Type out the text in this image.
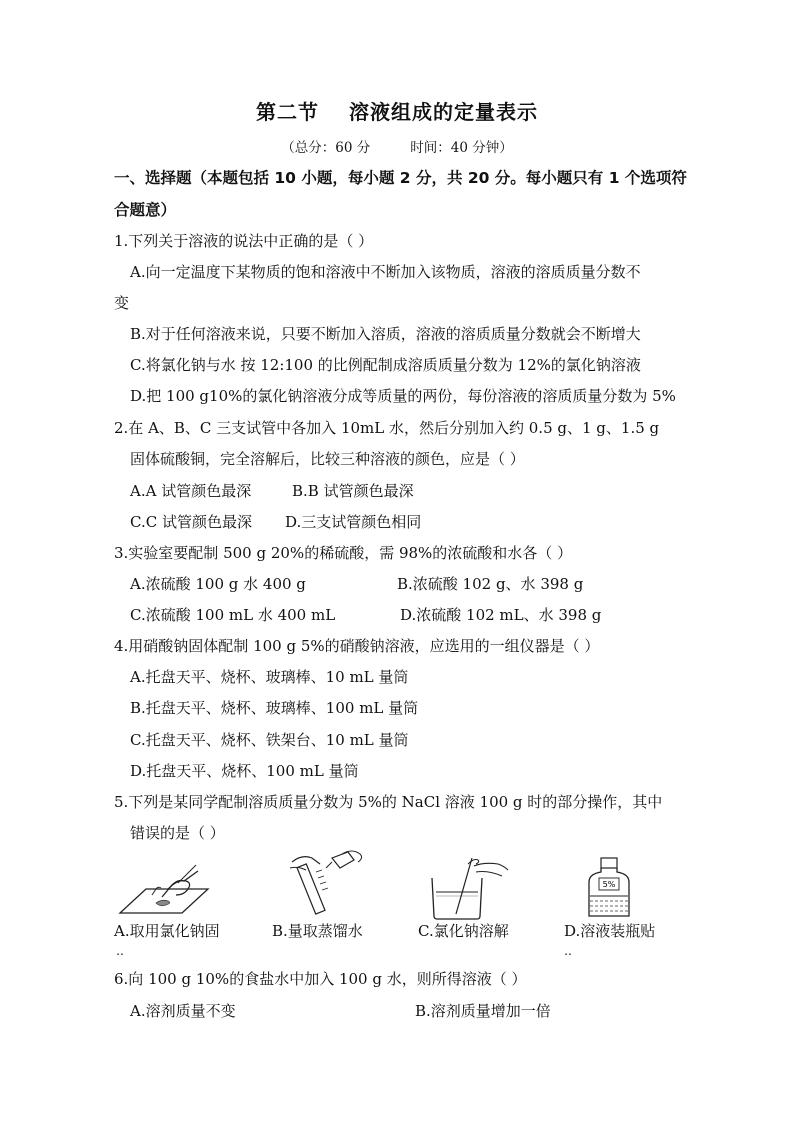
第二节 溶液组成的定量表示
（总分：60 分	时间：40 分钟）
一、选择题（本题包括 10 小题，每小题 2 分，共 20 分。每小题只有 1 个选项符
合题意）
1.下列关于溶液的说法中正确的是（ ）
A.向一定温度下某物质的饱和溶液中不断加入该物质，溶液的溶质质量分数不
变
B.对于任何溶液来说，只要不断加入溶质，溶液的溶质质量分数就会不断增大
C.将氯化钠与水 按 12:100 的比例配制成溶质质量分数为 12%的氯化钠溶液
D.把 100 g10%的氯化钠溶液分成等质量的两份，每份溶液的溶质质量分数为 5%
2.在 A、B、C 三支试管中各加入 10mL 水，然后分别加入约 0.5 g、1 g、1.5 g
固体硫酸铜，完全溶解后，比较三种溶液的颜色，应是（ ）
A.A 试管颜色最深	B.B 试管颜色最深
C.C 试管颜色最深 D.三支试管颜色相同
3.实验室要配制 500 g 20%的稀硫酸，需 98%的浓硫酸和水各（ ）
A.浓硫酸 100 g 水 400 g	B.浓硫酸 102 g、水 398 g
C.浓硫酸 100 mL 水 400 mL	D.浓硫酸 102 mL、水 398 g
4.用硝酸钠固体配制 100 g 5%的硝酸钠溶液，应选用的一组仪器是（ ）
A.托盘天平、烧杯、玻璃棒、10 mL 量筒
B.托盘天平、烧杯、玻璃棒、100 mL 量筒
C.托盘天平、烧杯、铁架台、10 mL 量筒
D.托盘天平、烧杯、100 mL 量筒
5.下列是某同学配制溶质质量分数为 5%的 NaCl 溶液 100 g 时的部分操作，其中
错误的是（ ）
5%
A.取用氯化钠固	B.量取蒸馏水	C.氯化钠溶解	D.溶液装瓶贴
‥	‥
6.向 100 g 10%的食盐水中加入 100 g 水，则所得溶液（ ）
A.溶剂质量不变	B.溶剂质量增加一倍
